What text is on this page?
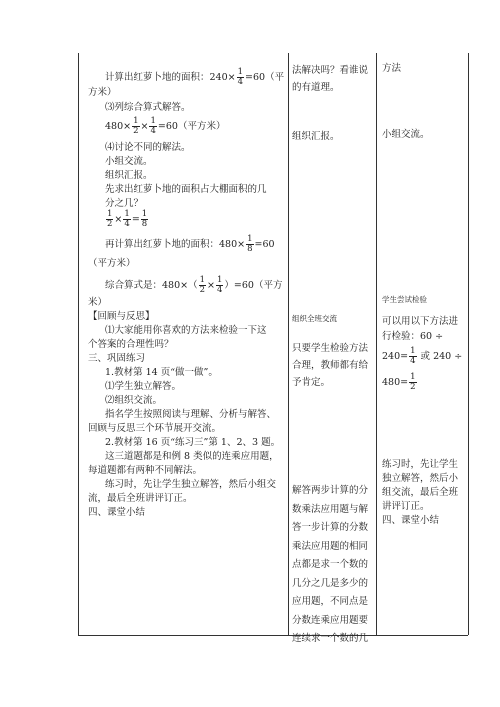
计算出红萝卜地的面积：$240\times \frac{1}{4} =60$（平
方米）
⑶列综合算式解答。
$480\times \frac{1}{2} \times \frac{1}{4} =60$（平方米）
⑷讨论不同的解法。
小组交流。
组织汇报。
先求出红萝卜地的面积占大棚面积的几
分之几？
$\frac{1}{2} \times \frac{1}{4} = \frac{1}{8}$
再计算出红萝卜地的面积：$480\times \frac{1}{8} =60$
（平方米）
综合算式是：$480\times( \frac{1}{2} \times \frac{1}{4} )=60$（平方
米）
【回顾与反思】
⑴大家能用你喜欢的方法来检验一下这
个答案的合理性吗？
三、巩固练习
1.教材第 14 页“做一做”。
⑴学生独立解答。
⑵组织交流。
指名学生按照阅读与理解、分析与解答、
回顾与反思三个环节展开交流。
2.教材第 16 页“练习三”第 1、2、3 题。
这三道题都是和例 8 类似的连乘应用题，
每道题都有两种不同解法。
练习时，先让学生独立解答，然后小组交
流，最后全班讲评订正。
四、课堂小结
法解决吗？看谁说的有道理。
组织汇报。
组织全班交流
只要学生检验方法合理，教师都有给予肯定。
解答两步计算的分数乘法应用题与解答一步计算的分数乘法应用题的相同点都是求一个数的几分之几是多少的应用题，不同点是分数连乘应用题要连续求一个数的几
方法
小组交流。
学生尝试检验
可以用以下方法进行检验：60 ÷
$240= \frac{1}{4}$ 或 240 ÷
$480= \frac{1}{2}$
练习时，先让学生独立解答，然后小组交流，最后全班讲评订正。
四、课堂小结
